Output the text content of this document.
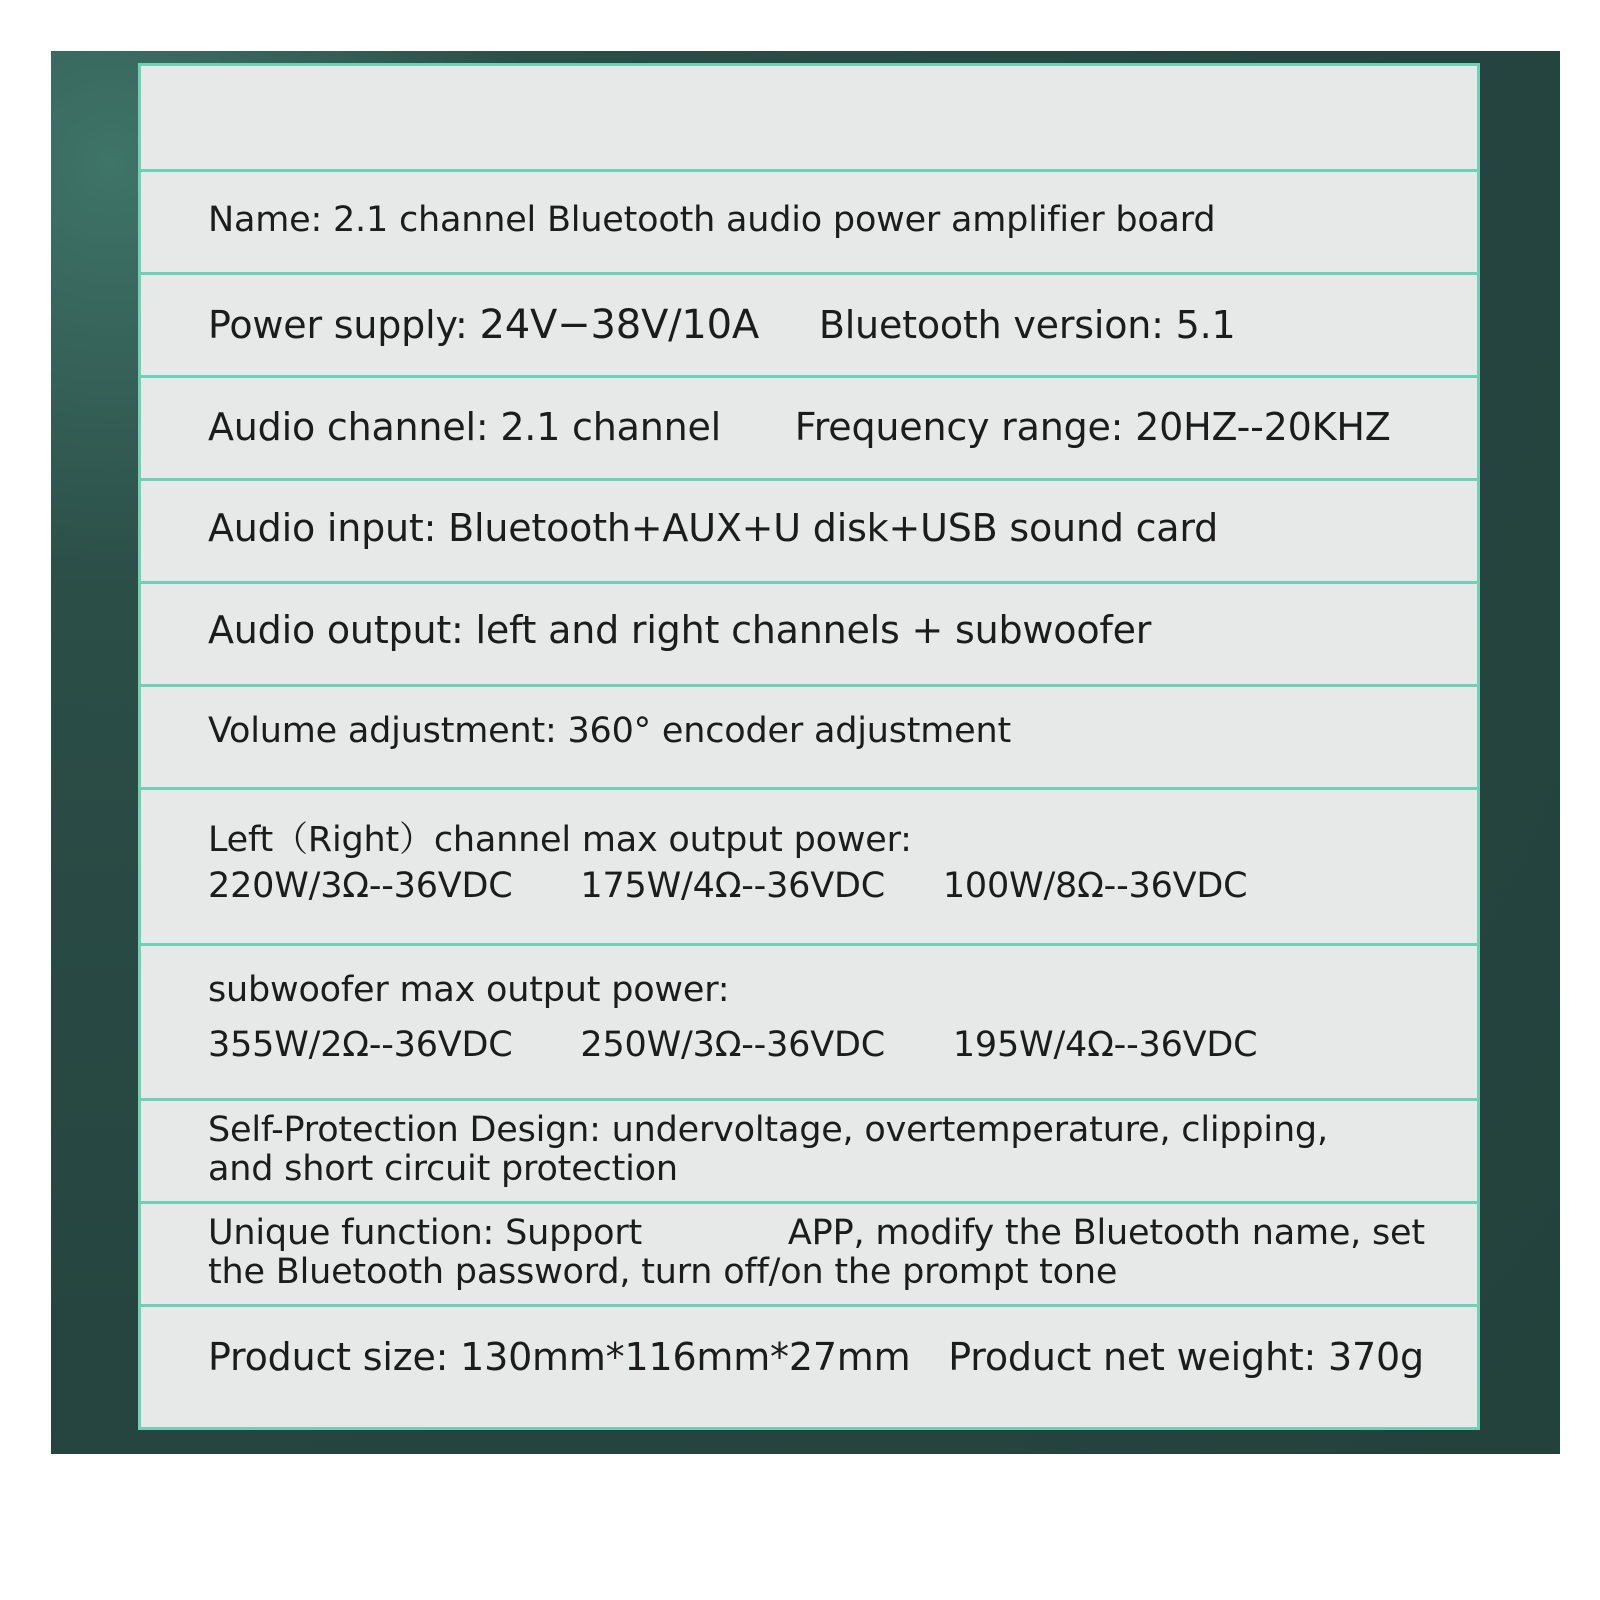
Name: 2.1 channel Bluetooth audio power amplifier board
Power supply: 24V−38V/10A Bluetooth version: 5.1
Audio channel: 2.1 channel Frequency range: 20HZ--20KHZ
Audio input: Bluetooth+AUX+U disk+USB sound card
Audio output: left and right channels + subwoofer
Volume adjustment: 360° encoder adjustment
Left（Right）channel max output power:
220W/3Ω--36VDC 175W/4Ω--36VDC 100W/8Ω--36VDC
subwoofer max output power:
355W/2Ω--36VDC 250W/3Ω--36VDC 195W/4Ω--36VDC
Self-Protection Design: undervoltage, overtemperature, clipping,
and short circuit protection
Unique function: Support	APP, modify the Bluetooth name, set
the Bluetooth password, turn off/on the prompt tone
Product size: 130mm*116mm*27mm Product net weight: 370g
